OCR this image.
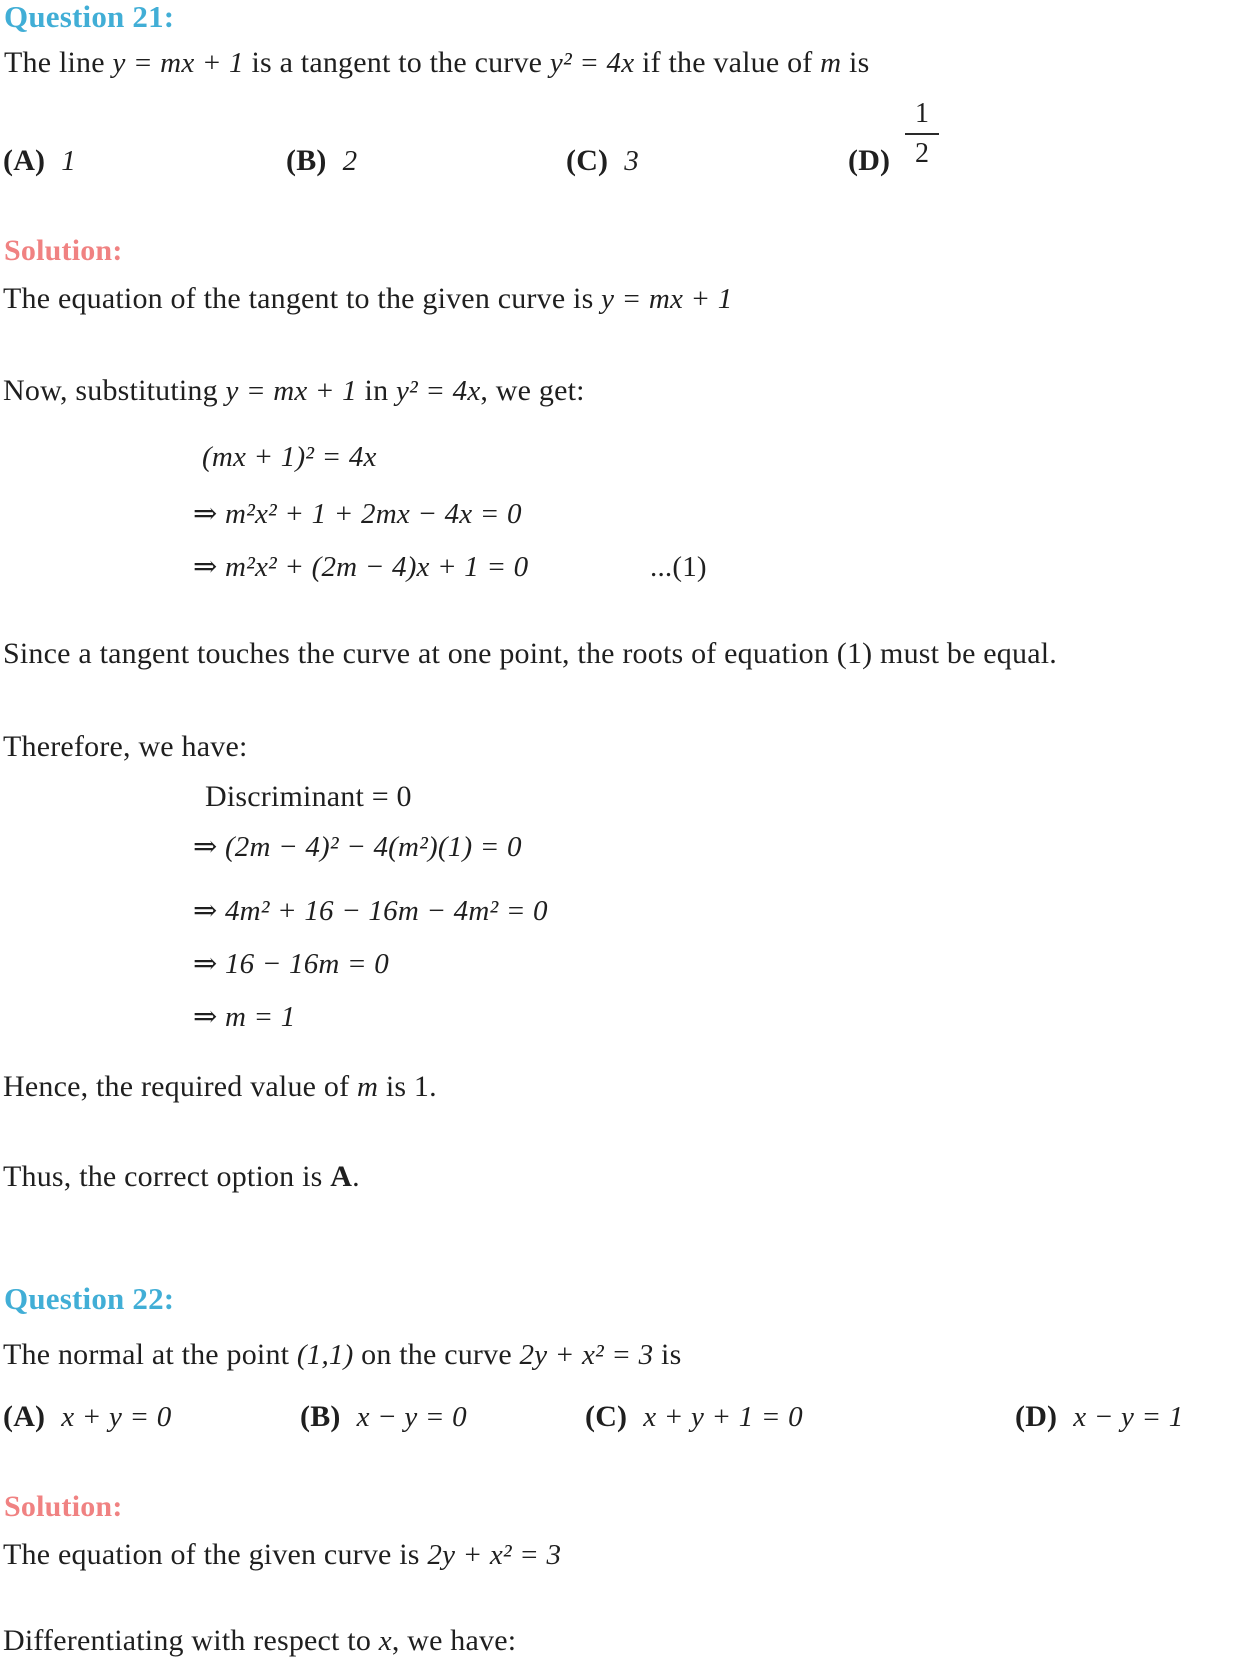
Question 21:
The line y = mx + 1 is a tangent to the curve y² = 4x if the value of m is
(A) 1	(B) 2	(C) 3	$(D) \frac{1}{2}$
Solution:
The equation of the tangent to the given curve is y = mx + 1
Now, substituting y = mx + 1 in y² = 4x, we get:
(mx + 1)² = 4x
⇒ m²x² + 1 + 2mx − 4x = 0
⇒ m²x² + (2m − 4)x + 1 = 0	...(1)
Since a tangent touches the curve at one point, the roots of equation (1) must be equal.
Therefore, we have:
Discriminant = 0
⇒ (2m − 4)² − 4(m²)(1) = 0
⇒ 4m² + 16 − 16m − 4m² = 0
⇒ 16 − 16m = 0
⇒ m = 1
Hence, the required value of m is 1.
Thus, the correct option is A.
Question 22:
The normal at the point (1,1) on the curve 2y + x² = 3 is
(A) x + y = 0	(B) x − y = 0	(C) x + y + 1 = 0	(D) x − y = 1
Solution:
The equation of the given curve is 2y + x² = 3
Differentiating with respect to x, we have:
